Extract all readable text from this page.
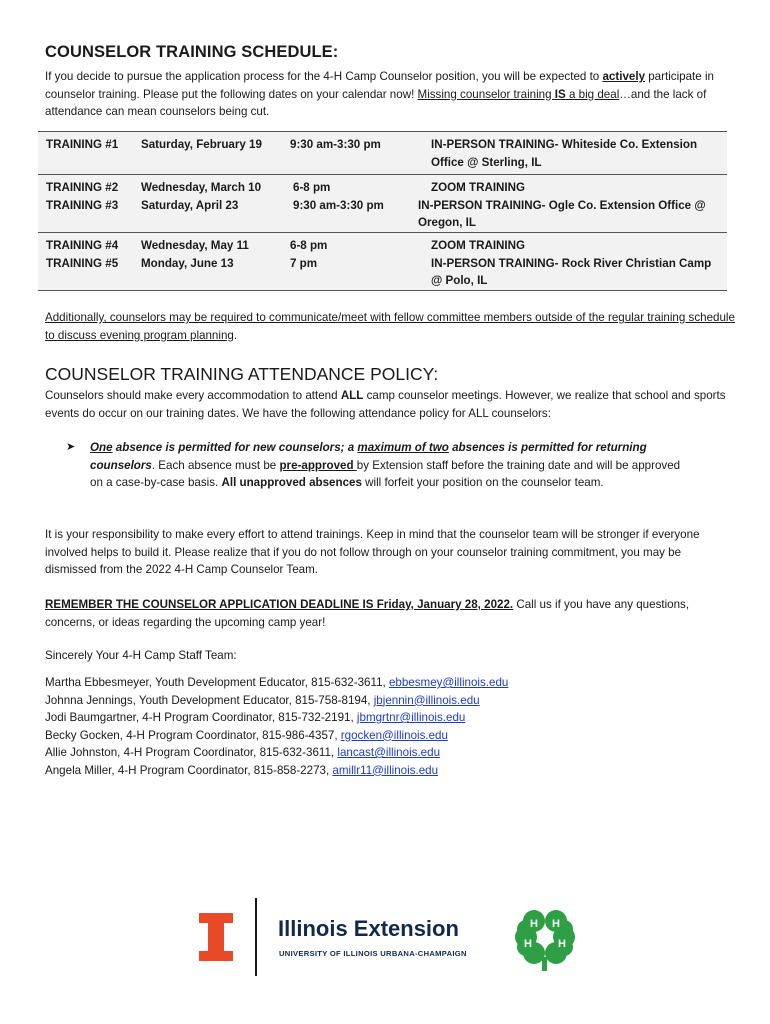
COUNSELOR TRAINING SCHEDULE:

If you decide to pursue the application process for the 4-H Camp Counselor position, you will be expected to actively participate in counselor training. Please put the following dates on your calendar now! Missing counselor training IS a big deal…and the lack of attendance can mean counselors being cut.

TRAINING #1 Saturday, February 19 9:30 am-3:30 pm	IN-PERSON TRAINING- Whiteside Co. Extension Office @ Sterling, IL
TRAINING #2 Wednesday, March 10	6-8 pm	ZOOM TRAINING
TRAINING #3 Saturday, April 23	9:30 am-3:30 pm	IN-PERSON TRAINING- Ogle Co. Extension Office @ Oregon, IL
TRAINING #4 Wednesday, May 11	6-8 pm	ZOOM TRAINING
TRAINING #5 Monday, June 13	7 pm	IN-PERSON TRAINING- Rock River Christian Camp @ Polo, IL

Additionally, counselors may be required to communicate/meet with fellow committee members outside of the regular training schedule to discuss evening program planning.

COUNSELOR TRAINING ATTENDANCE POLICY:

Counselors should make every accommodation to attend ALL camp counselor meetings. However, we realize that school and sports events do occur on our training dates. We have the following attendance policy for ALL counselors:

➤ One absence is permitted for new counselors; a maximum of two absences is permitted for returning counselors. Each absence must be pre-approved by Extension staff before the training date and will be approved on a case-by-case basis. All unapproved absences will forfeit your position on the counselor team.

It is your responsibility to make every effort to attend trainings. Keep in mind that the counselor team will be stronger if everyone involved helps to build it. Please realize that if you do not follow through on your counselor training commitment, you may be dismissed from the 2022 4-H Camp Counselor Team.

REMEMBER THE COUNSELOR APPLICATION DEADLINE IS Friday, January 28, 2022. Call us if you have any questions, concerns, or ideas regarding the upcoming camp year!

Sincerely Your 4-H Camp Staff Team:

Martha Ebbesmeyer, Youth Development Educator, 815-632-3611, ebbesmey@illinois.edu
Johnna Jennings, Youth Development Educator, 815-758-8194, jbjennin@illinois.edu
Jodi Baumgartner, 4-H Program Coordinator, 815-732-2191, jbmgrtnr@illinois.edu
Becky Gocken, 4-H Program Coordinator, 815-986-4357, rgocken@illinois.edu
Allie Johnston, 4-H Program Coordinator, 815-632-3611, lancast@illinois.edu
Angela Miller, 4-H Program Coordinator, 815-858-2273, amillr11@illinois.edu
Illinois Extension
UNIVERSITY OF ILLINOIS URBANA-CHAMPAIGN
H H
H H
